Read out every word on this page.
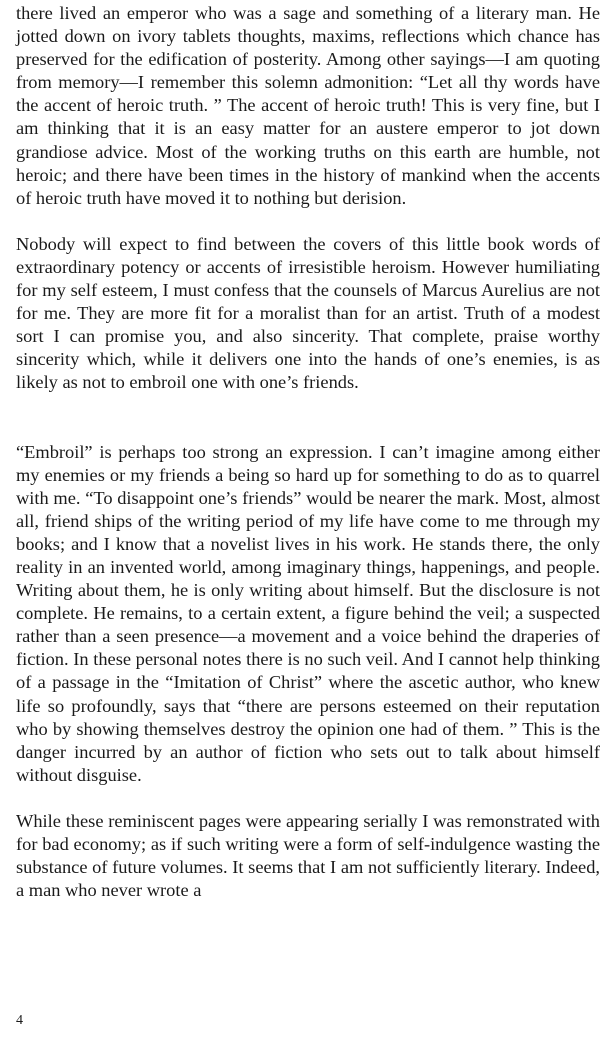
there lived an emperor who was a sage and something of a literary man. He jotted down on ivory tablets thoughts, maxims, reflections which chance has preserved for the edification of posterity. Among other sayings—I am quoting from memory—I remember this solemn admonition: “Let all thy words have the accent of heroic truth. ” The accent of heroic truth! This is very fine, but I am thinking that it is an easy matter for an austere emperor to jot down grandiose advice. Most of the working truths on this earth are humble, not heroic; and there have been times in the history of mankind when the accents of heroic truth have moved it to nothing but derision.

Nobody will expect to find between the covers of this little book words of extraordinary potency or accents of irresistible heroism. However humiliating for my self esteem, I must confess that the counsels of Marcus Aurelius are not for me. They are more fit for a moralist than for an artist. Truth of a modest sort I can promise you, and also sincerity. That complete, praise worthy sincerity which, while it delivers one into the hands of one’s enemies, is as likely as not to embroil one with one’s friends.

“Embroil” is perhaps too strong an expression. I can’t imagine among either my enemies or my friends a being so hard up for something to do as to quarrel with me. “To disappoint one’s friends” would be nearer the mark. Most, almost all, friend ships of the writing period of my life have come to me through my books; and I know that a novelist lives in his work. He stands there, the only reality in an invented world, among imaginary things, happenings, and people. Writing about them, he is only writing about himself. But the disclosure is not complete. He remains, to a certain extent, a figure behind the veil; a suspected rather than a seen presence—a movement and a voice behind the draperies of fiction. In these personal notes there is no such veil. And I cannot help thinking of a passage in the “Imitation of Christ” where the ascetic author, who knew life so profoundly, says that “there are persons esteemed on their reputation who by showing themselves destroy the opinion one had of them. ” This is the danger incurred by an author of fiction who sets out to talk about himself without disguise.

While these reminiscent pages were appearing serially I was remonstrated with for bad economy; as if such writing were a form of self-indulgence wasting the substance of future volumes. It seems that I am not sufficiently literary. Indeed, a man who never wrote a

4
